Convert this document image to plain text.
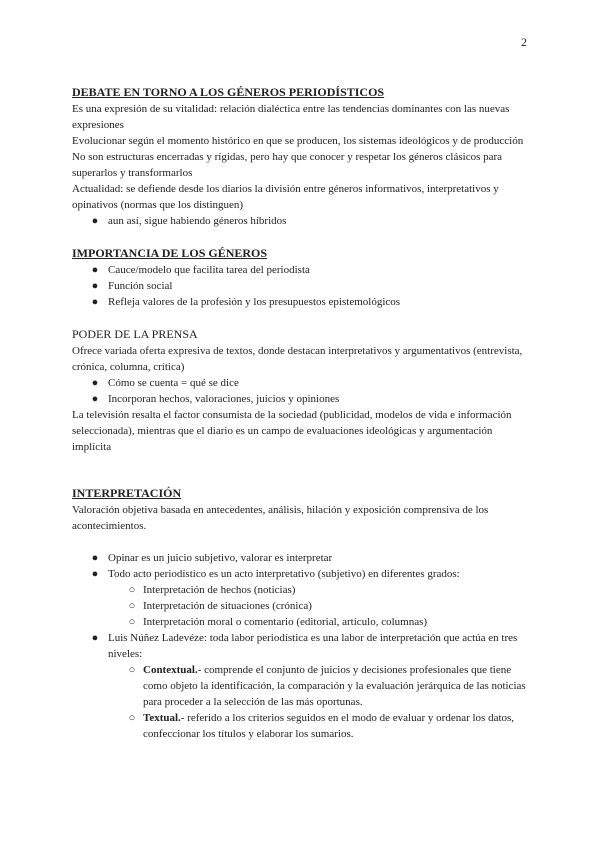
2
DEBATE EN TORNO A LOS GÉNEROS PERIODÍSTICOS

Es una expresión de su vitalidad: relación dialéctica entre las tendencias dominantes con las nuevas expresiones

Evolucionar según el momento histórico en que se producen, los sistemas ideológicos y de producción

No son estructuras encerradas y rígidas, pero hay que conocer y respetar los géneros clásicos para superarlos y transformarlos

Actualidad: se defiende desde los diarios la división entre géneros informativos, interpretativos y opinativos (normas que los distinguen)

● aun así, sigue habiendo géneros híbridos
IMPORTANCIA DE LOS GÉNEROS
● Cauce/modelo que facilita tarea del periodista
● Función social
● Refleja valores de la profesión y los presupuestos epistemológicos
PODER DE LA PRENSA

Ofrece variada oferta expresiva de textos, donde destacan interpretativos y argumentativos (entrevista, crónica, columna, crítica)

● Cómo se cuenta = qué se dice
● Incorporan hechos, valoraciones, juicios y opiniones

La televisión resalta el factor consumista de la sociedad (publicidad, modelos de vida e información seleccionada), mientras que el diario es un campo de evaluaciones ideológicas y argumentación implícita

INTERPRETACIÓN

Valoración objetiva basada en antecedentes, análisis, hilación y exposición comprensiva de los acontecimientos.

● Opinar es un juicio subjetivo, valorar es interpretar
● Todo acto periodístico es un acto interpretativo (subjetivo) en diferentes grados:
○ Interpretación de hechos (noticias)
○ Interpretación de situaciones (crónica)
○ Interpretación moral o comentario (editorial, artículo, columnas)
● Luis Núñez Ladevéze: toda labor periodística es una labor de interpretación que actúa en tres niveles:
○ Contextual.- comprende el conjunto de juicios y decisiones profesionales que tiene como objeto la identificación, la comparación y la evaluación jerárquica de las noticias para proceder a la selección de las más oportunas.
○ Textual.- referido a los criterios seguidos en el modo de evaluar y ordenar los datos, confeccionar los títulos y elaborar los sumarios.
